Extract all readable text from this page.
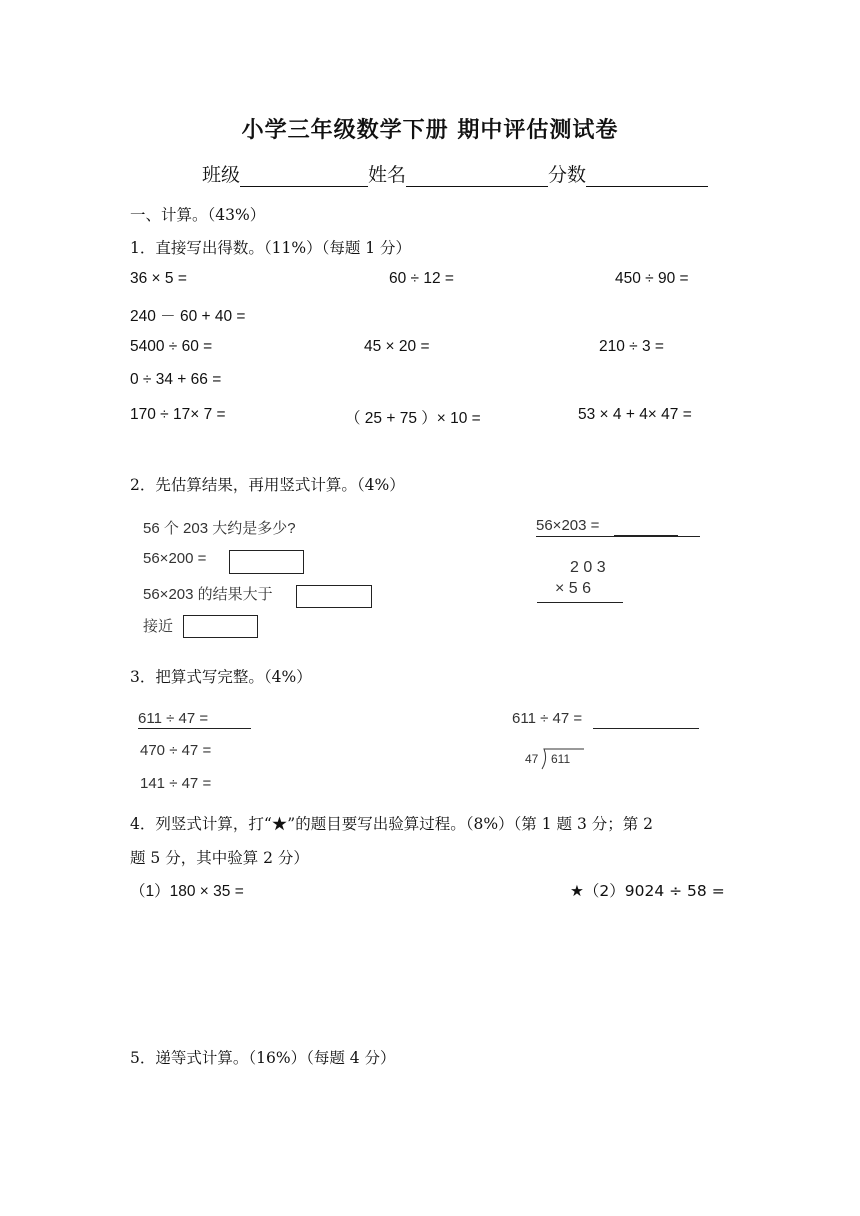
小学三年级数学下册 期中评估测试卷
班级	姓名	分数
一、计算。（43%）
1．直接写出得数。（11%）（每题 1 分）
36 × 5 =	60 ÷ 12 =	450 ÷ 90 =
240 － 60 + 40 =
5400 ÷ 60 =	45 × 20 =	210 ÷ 3 =
0 ÷ 34 + 66 =
170 ÷ 17× 7 =	（ 25 + 75 ）× 10 =	53 × 4 + 4× 47 =
2．先估算结果，再用竖式计算。（4%）
56 个 203 大约是多少?
56×200 =
56×203 的结果大于
接近
56×203 =
2 0 3
× 5 6
3．把算式写完整。（4%）
611 ÷ 47 =
470 ÷ 47 =
141 ÷ 47 =
611 ÷ 47 =
47 611
4．列竖式计算，打“★”的题目要写出验算过程。（8%）（第 1 题 3 分；第 2
题 5 分，其中验算 2 分）
（1）180 × 35 =	★（2）9024 ÷ 58 =
5．递等式计算。（16%）（每题 4 分）
